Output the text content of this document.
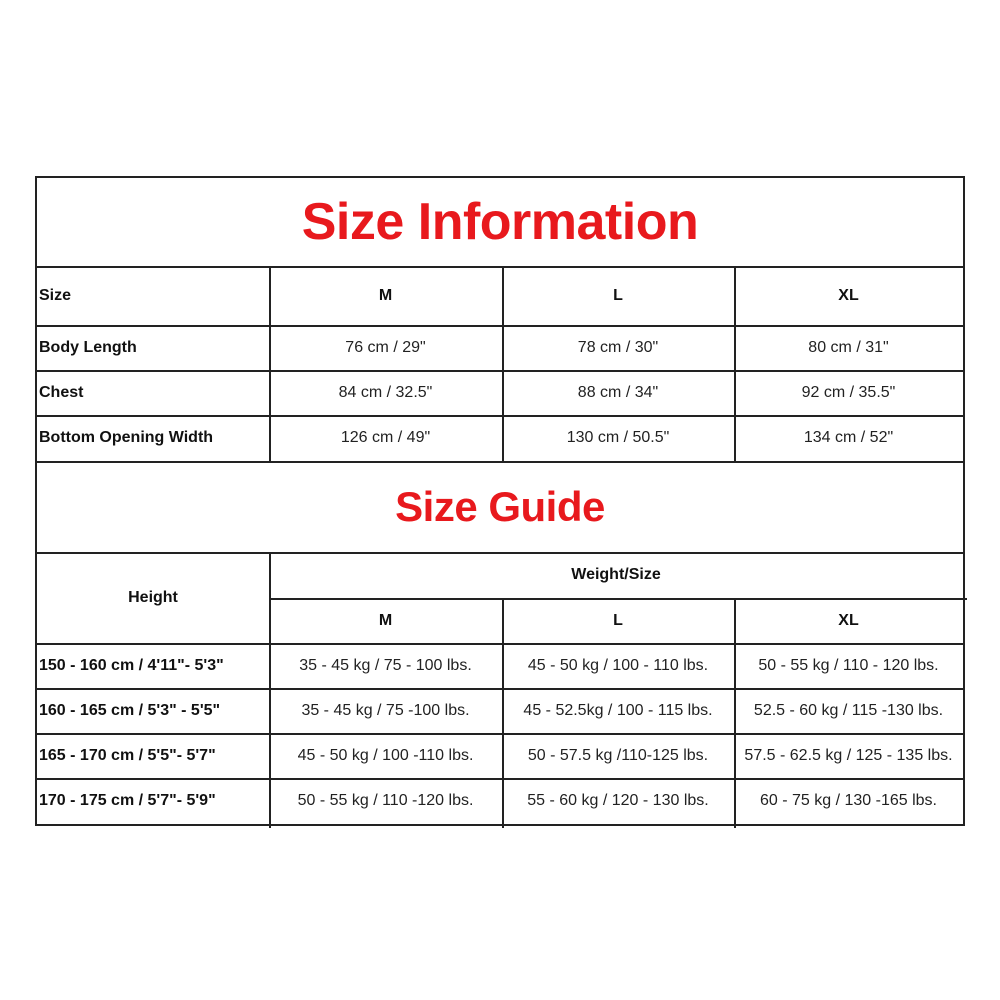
Size Information
Size	M	L	XL
Body Length	76 cm / 29"	78 cm / 30"	80 cm / 31"
Chest	84 cm / 32.5"	88 cm / 34"	92 cm / 35.5"
Bottom Opening Width	126 cm / 49"	130 cm / 50.5"	134 cm / 52"
Size Guide
Height
Weight/Size
M	L	XL
150 - 160 cm / 4'11"- 5'3"	35 - 45 kg / 75 - 100 lbs.	45 - 50 kg / 100 - 110 lbs.	50 - 55 kg / 110 - 120 lbs.
160 - 165 cm / 5'3" - 5'5"	35 - 45 kg / 75 -100 lbs.	45 - 52.5kg / 100 - 115 lbs.	52.5 - 60 kg / 115 -130 lbs.
165 - 170 cm / 5'5"- 5'7"	45 - 50 kg / 100 -110 lbs.	50 - 57.5 kg /110-125 lbs.	57.5 - 62.5 kg / 125 - 135 lbs.
170 - 175 cm / 5'7"- 5'9"	50 - 55 kg / 110 -120 lbs.	55 - 60 kg / 120 - 130 lbs.	60 - 75 kg / 130 -165 lbs.
